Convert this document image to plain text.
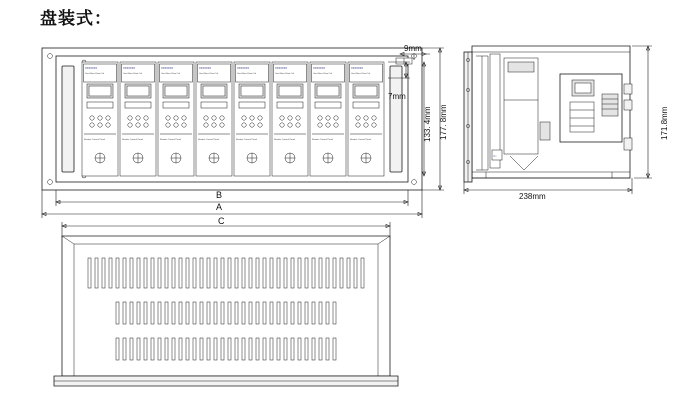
盘装式：
XXXXXXX
Gas Mass Flow Ctrl
Reader Control Panel
XXXXXXX
Gas Mass Flow Ctrl
Reader Control Panel
XXXXXXX
Gas Mass Flow Ctrl
Reader Control Panel
XXXXXXX
Gas Mass Flow Ctrl
Reader Control Panel
XXXXXXX
Gas Mass Flow Ctrl
Reader Control Panel
XXXXXXX
Gas Mass Flow Ctrl
Reader Control Panel
XXXXXXX
Gas Mass Flow Ctrl
Reader Control Panel
XXXXXXX
Gas Mass Flow Ctrl
Reader Control Panel
9mm
7mm
133. 4mm 177. 8mm
B
A
□□
171.8mm
238mm
C
